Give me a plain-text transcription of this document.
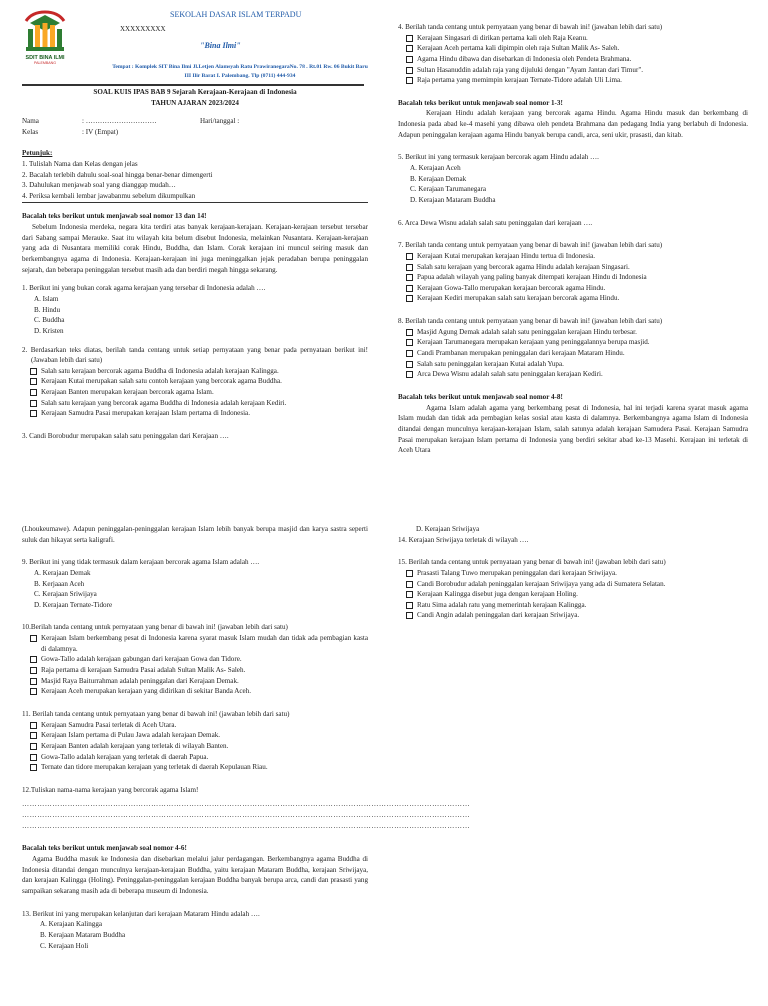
SDIT BINA ILMI
PALEMBANG
SEKOLAH DASAR ISLAM TERPADU
XXXXXXXXX
"Bina Ilmi"
Tempat : Komplek SIT Bina Ilmi Jl.Letjen Alamsyah Ratu PrawiranegaraNo. 78 . Rt.01 Rw. 06 Bukit Baru
III Ilir Barat I. Palembang. Tlp (0711) 444-934

SOAL KUIS IPAS BAB 9 Sejarah Kerajaan-Kerajaan di Indonesia

TAHUN AJARAN 2023/2024

Nama	: …………………………	Hari/tanggal :
Kelas	: IV (Empat)

Petunjuk:

1. Tulislah Nama dan Kelas dengan jelas

2. Bacalah terlebih dahulu soal-soal hingga benar-benar dimengerti

3. Dahulukan menjawab soal yang dianggap mudah…

4. Periksa kembali lembar jawabanmu sebelum dikumpulkan

Bacalah teks berikut untuk menjawab soal nomor 13 dan 14!

Sebelum Indonesia merdeka, negara kita terdiri atas banyak kerajaan-kerajaan. Kerajaan-kerajaan tersebut tersebar dari Sabang sampai Merauke. Saat itu wilayah kita belum disebut Indonesia, melainkan Nusantara. Kerajaan-kerajaan yang ada di Nusantara memiliki corak Hindu, Buddha, dan Islam. Corak kerajaan ini muncul seiring masuk dan berkembangnya agama di Indonesia. Kerajaan-kerajaan ini juga meninggalkan jejak peradaban berupa peninggalan sejarah, dan beberapa peninggalan tersebut masih ada dan berdiri megah hingga sekarang.

1. Berikut ini yang bukan corak agama kerajaan yang tersebar di Indonesia adalah ….

A. Islam

B. Hindu

C. Buddha

D. Kristen

2. Berdasarkan teks diatas, berilah tanda centang untuk setiap pernyataan yang benar pada pernyataan berikut ini! (Jawaban lebih dari satu)

Salah satu kerajaan bercorak agama Buddha di Indonesia adalah kerajaan Kalingga.
Kerajaan Kutai merupakan salah satu contoh kerajaan yang bercorak agama Buddha.
Kerajaan Banten merupakan kerajaan bercorak agama Islam.
Salah satu kerajaan yang bercorak agama Buddha di Indonesia adalah kerajaan Kediri.
Kerajaan Samudra Pasai merupakan kerajaan Islam pertama di Indonesia.

3. Candi Borobudur merupakan salah satu peninggalan dari Kerajaan ….

4. Berilah tanda centang untuk pernyataan yang benar di bawah ini! (jawaban lebih dari satu)

Kerajaan Singasari di dirikan pertama kali oleh Raja Keanu.
Kerajaan Aceh pertama kali dipimpin oleh raja Sultan Malik As- Saleh.
Agama Hindu dibawa dan disebarkan di Indonesia oleh Pendeta Brahmana.
Sultan Hasanuddin adalah raja yang dijuluki dengan "Ayam Jantan dari Timur".
Raja pertama yang memimpin kerajaan Ternate-Tidore adalah Uli Lima.

Bacalah teks berikut untuk menjawab soal nomor 1-3!

Kerajaan Hindu adalah kerajaan yang bercorak agama Hindu. Agama Hindu masuk dan berkembang di Indonesia pada abad ke-4 masehi yang dibawa oleh pendeta Brahmana dan pedagang India yang berlabuh di Indonesia. Adapun peninggalan kerajaan agama Hindu banyak berupa candi, arca, seni ukir, prasasti, dan kitab.

5. Berikut ini yang termasuk kerajaan bercorak agam Hindu adalah ….

A. Kerajaan Aceh

B. Kerajaan Demak

C. Kerajaan Tarumanegara

D. Kerajaan Mataram Buddha

6. Arca Dewa Wisnu adalah salah satu peninggalan dari kerajaan ….

7. Berilah tanda centang untuk pernyataan yang benar di bawah ini! (jawaban lebih dari satu)

Kerajaan Kutai merupakan kerajaan Hindu tertua di Indonesia.
Salah satu kerajaan yang bercorak agama Hindu adalah kerajaan Singasari.
Papua adalah wilayah yang paling banyak ditempati kerajaan Hindu di Indonesia
Kerajaan Gowa-Tallo merupakan kerajaan bercorak agama Hindu.
Kerajaan Kediri merupakan salah satu kerajaan bercorak agama Hindu.

8. Berilah tanda centang untuk pernyataan yang benar di bawah ini! (jawaban lebih dari satu)

Masjid Agung Demak adalah salah satu peninggalan kerajaan Hindu terbesar.
Kerajaan Tarumanegara merupakan kerajaan yang peninggalannya berupa masjid.
Candi Prambanan merupakan peninggalan dari kerajaan Mataram Hindu.
Salah satu peninggalan kerajaan Kutai adalah Yupa.
Arca Dewa Wisnu adalah salah satu peninggalan kerajaan Kediri.

Bacalah teks berikut untuk menjawab soal nomor 4-8!

Agama Islam adalah agama yang berkembang pesat di Indonesia, hal ini terjadi karena syarat masuk agama Islam mudah dan tidak ada pembagian kelas sosial atau kasta di dalamnya. Berkembangnya agama Islam di Indonesia ditandai dengan munculnya kerajaan-kerajaan Islam, salah satunya adalah kerajaan Samudera Pasai. Kerajaan Samudra Pasai merupakan kerajaan Islam pertama di Indonesia yang berdiri sekitar abad ke-13 Masehi. Kerajaan ini terletak di Aceh Utara

(Lhoukeumawe). Adapun peninggalan-peninggalan kerajaan Islam lebih banyak berupa masjid dan karya sastra seperti suluk dan hikayat serta kaligrafi.

9. Berikut ini yang tidak termasuk dalam kerajaan bercorak agama Islam adalah ….

A. Kerajaan Demak

B. Kerjaaan Aceh

C. Kerajaan Sriwijaya

D. Kerajaan Ternate-Tidore

10.Berilah tanda centang untuk pernyataan yang benar di bawah ini! (jawaban lebih dari satu)

Kerajaan Islam berkembang pesat di Indonesia karena syarat masuk Islam mudah dan tidak ada pembagian kasta di dalamnya.
Gowa-Tallo adalah kerajaan gabungan dari kerajaan Gowa dan Tidore.
Raja pertama di kerajaan Samudra Pasai adalah Sultan Malik As- Saleh.
Masjid Raya Baiturrahman adalah peninggalan dari Kerajaan Demak.
Kerajaan Aceh merupakan kerajaan yang didirikan di sekitar Banda Aceh.

11. Berilah tanda centang untuk pernyataan yang benar di bawah ini! (jawaban lebih dari satu)

Kerajaan Samudra Pasai terletak di Aceh Utara.
Kerajaan Islam pertama di Pulau Jawa adalah kerajaan Demak.
Kerajaan Banten adalah kerajaan yang terletak di wilayah Banten.
Gowa-Tallo adalah kerajaan yang terletak di daerah Papua.
Ternate dan tidore merupakan kerajaan yang terletak di daerah Kepulauan Riau.

12.Tuliskan nama-nama kerajaan yang bercorak agama Islam!

……………………………………………………………………………………………………………………………………………………………

……………………………………………………………………………………………………………………………………………………………

……………………………………………………………………………………………………………………………………………………………

Bacalah teks berikut untuk menjawab soal nomor 4-6!

Agama Buddha masuk ke Indonesia dan disebarkan melalui jalur perdagangan. Berkembangnya agama Buddha di Indonesia ditandai dengan munculnya kerajaan-kerajaan Buddha, yaitu kerajaan Mataram Buddha, kerajaan Sriwijaya, dan kerajaan Kalingga (Holing). Peninggalan-peninggalan kerajaan Buddha banyak berupa arca, candi dan prasasti yang sampaikan sekarang masih ada di beberapa museum di Indonesia.

13. Berikut ini yang merupakan kelanjutan dari kerajaan Mataram Hindu adalah ….

A. Kerajaan Kalingga

B. Kerajaan Mataram Buddha

C. Kerajaan Holi

D. Kerajaan Sriwijaya

14. Kerajaan Sriwijaya terletak di wilayah ….

15. Berilah tanda centang untuk pernyataan yang benar di bawah ini! (jawaban lebih dari satu)

Prasasti Talang Tuwo merupakan peninggalan dari kerajaan Sriwijaya.
Candi Borobudur adalah peninggalan kerajaan Sriwijaya yang ada di Sumatera Selatan.
Kerajaan Kalingga disebut juga dengan kerajaan Holing.
Ratu Sima adalah ratu yang memerintah kerajaan Kalingga.
Candi Angin adalah peninggalan dari kerajaan Sriwijaya.
